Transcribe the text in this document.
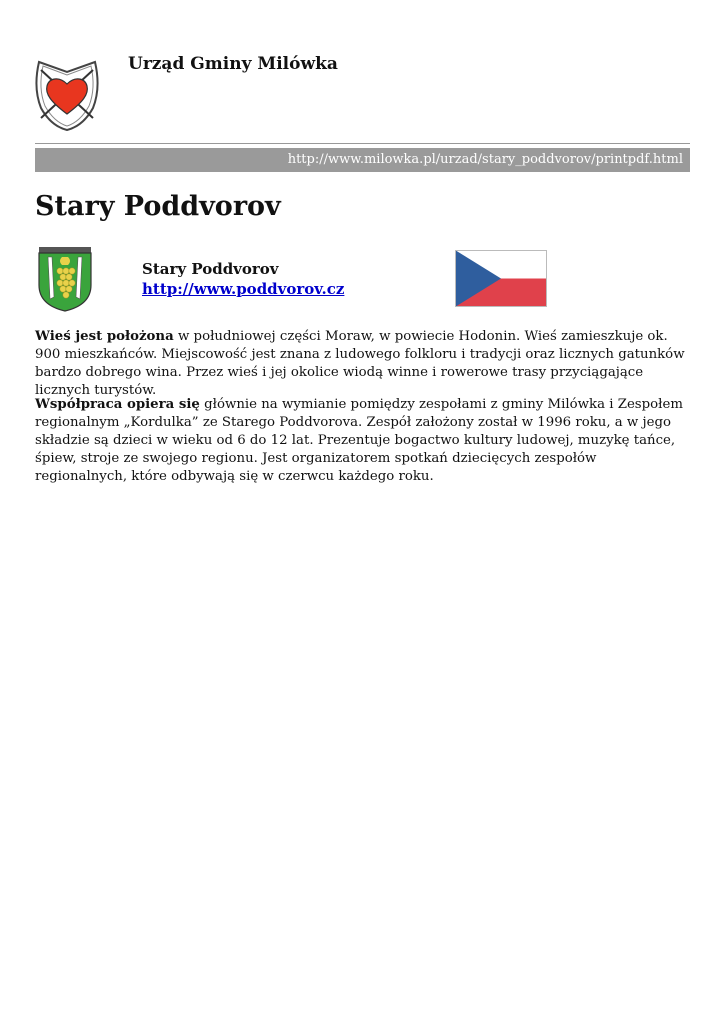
Urząd Gminy Milówka
http://www.milowka.pl/urzad/stary_poddvorov/printpdf.html
Stary Poddvorov
Stary Poddvorov
http://www.poddvorov.cz

Wieś jest położona w południowej części Moraw, w powiecie Hodonin. Wieś zamieszkuje ok. 900 mieszkańców. Miejscowość jest znana z ludowego folkloru i tradycji oraz licznych gatunków bardzo dobrego wina. Przez wieś i jej okolice wiodą winne i rowerowe trasy przyciągające licznych turystów.

Współpraca opiera się głównie na wymianie pomiędzy zespołami z gminy Milówka i Zespołem regionalnym „Kordulka” ze Starego Poddvorova. Zespół założony został w 1996 roku, a w jego składzie są dzieci w wieku od 6 do 12 lat. Prezentuje bogactwo kultury ludowej, muzykę tańce, śpiew, stroje ze swojego regionu. Jest organizatorem spotkań dziecięcych zespołów regionalnych, które odbywają się w czerwcu każdego roku.
